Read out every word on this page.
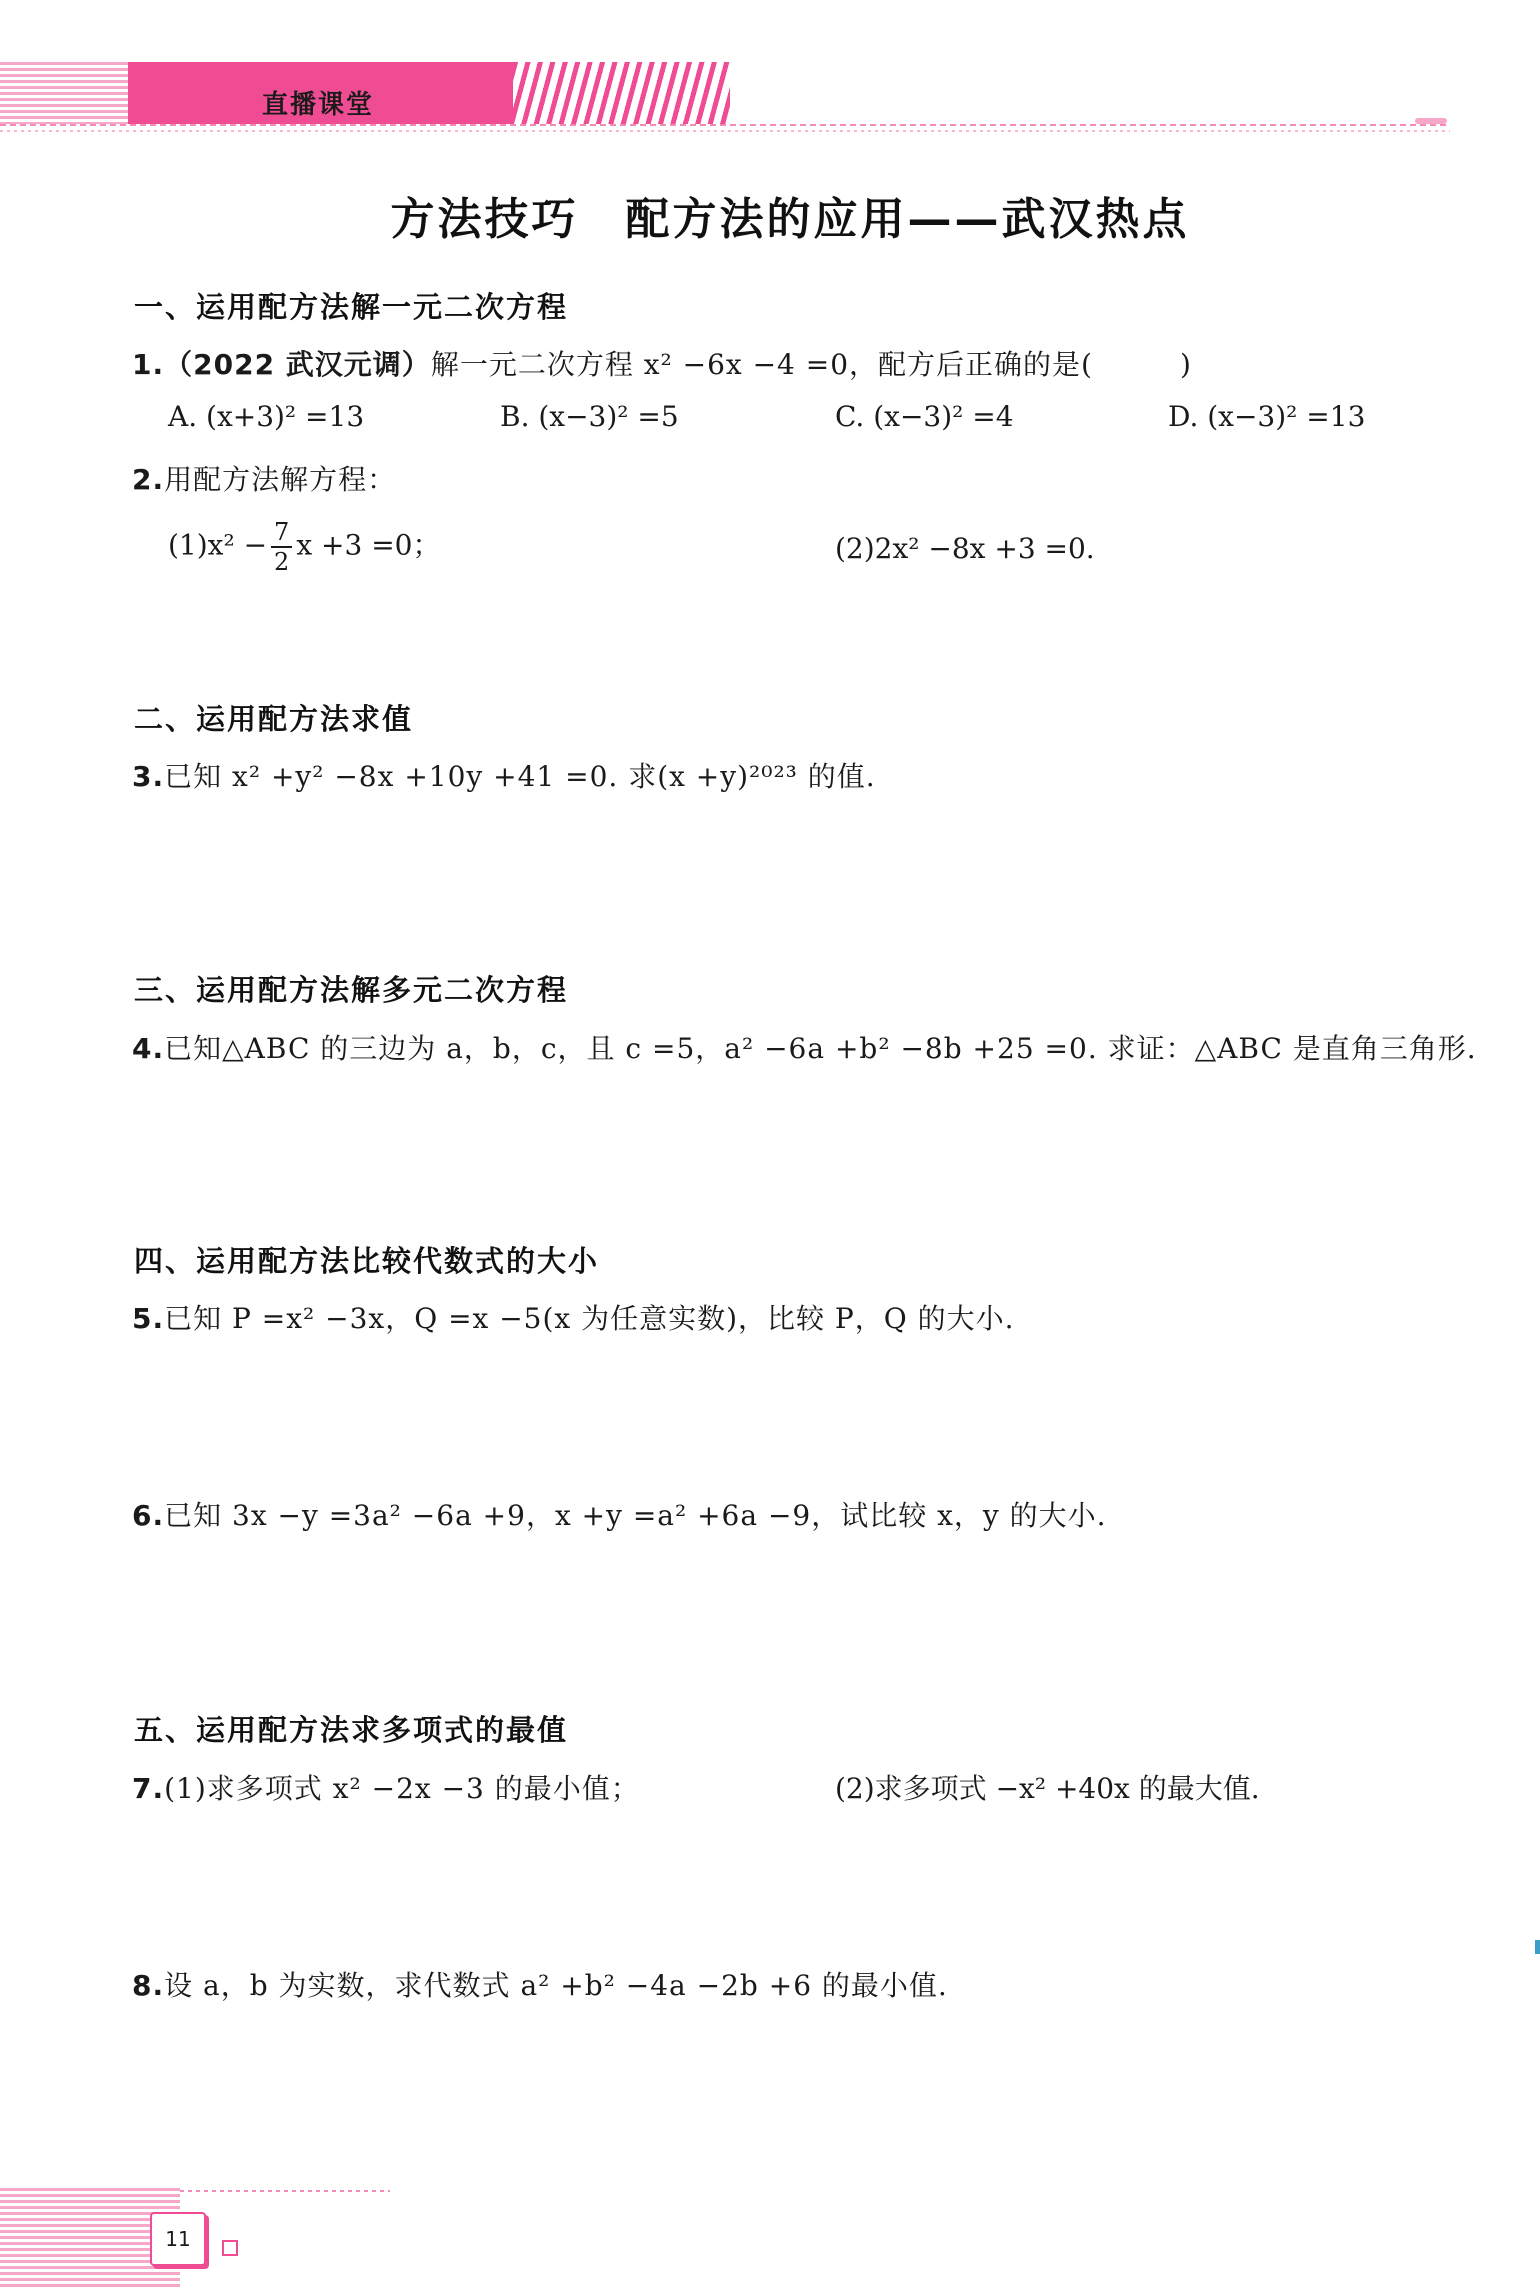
直播课堂
方法技巧　配方法的应用——武汉热点
一、运用配方法解一元二次方程
1.（2022 武汉元调）解一元二次方程 x² −6x −4 =0，配方后正确的是(　　　)
A. (x+3)² =13	B. (x−3)² =5	C. (x−3)² =4	D. (x−3)² =13
2.用配方法解方程：
$(1)x^2 - \frac{7}{2}$ x +3 =0；	(2)2x² −8x +3 =0.
二、运用配方法求值
3.已知 x² +y² −8x +10y +41 =0. 求(x +y)²⁰²³ 的值.
三、运用配方法解多元二次方程
4.已知△ABC 的三边为 a，b，c，且 c =5，a² −6a +b² −8b +25 =0. 求证：△ABC 是直角三角形.
四、运用配方法比较代数式的大小
5.已知 P =x² −3x，Q =x −5(x 为任意实数)，比较 P，Q 的大小.
6.已知 3x −y =3a² −6a +9，x +y =a² +6a −9，试比较 x，y 的大小.
五、运用配方法求多项式的最值
7.(1)求多项式 x² −2x −3 的最小值；	(2)求多项式 −x² +40x 的最大值.
8.设 a，b 为实数，求代数式 a² +b² −4a −2b +6 的最小值.
11
